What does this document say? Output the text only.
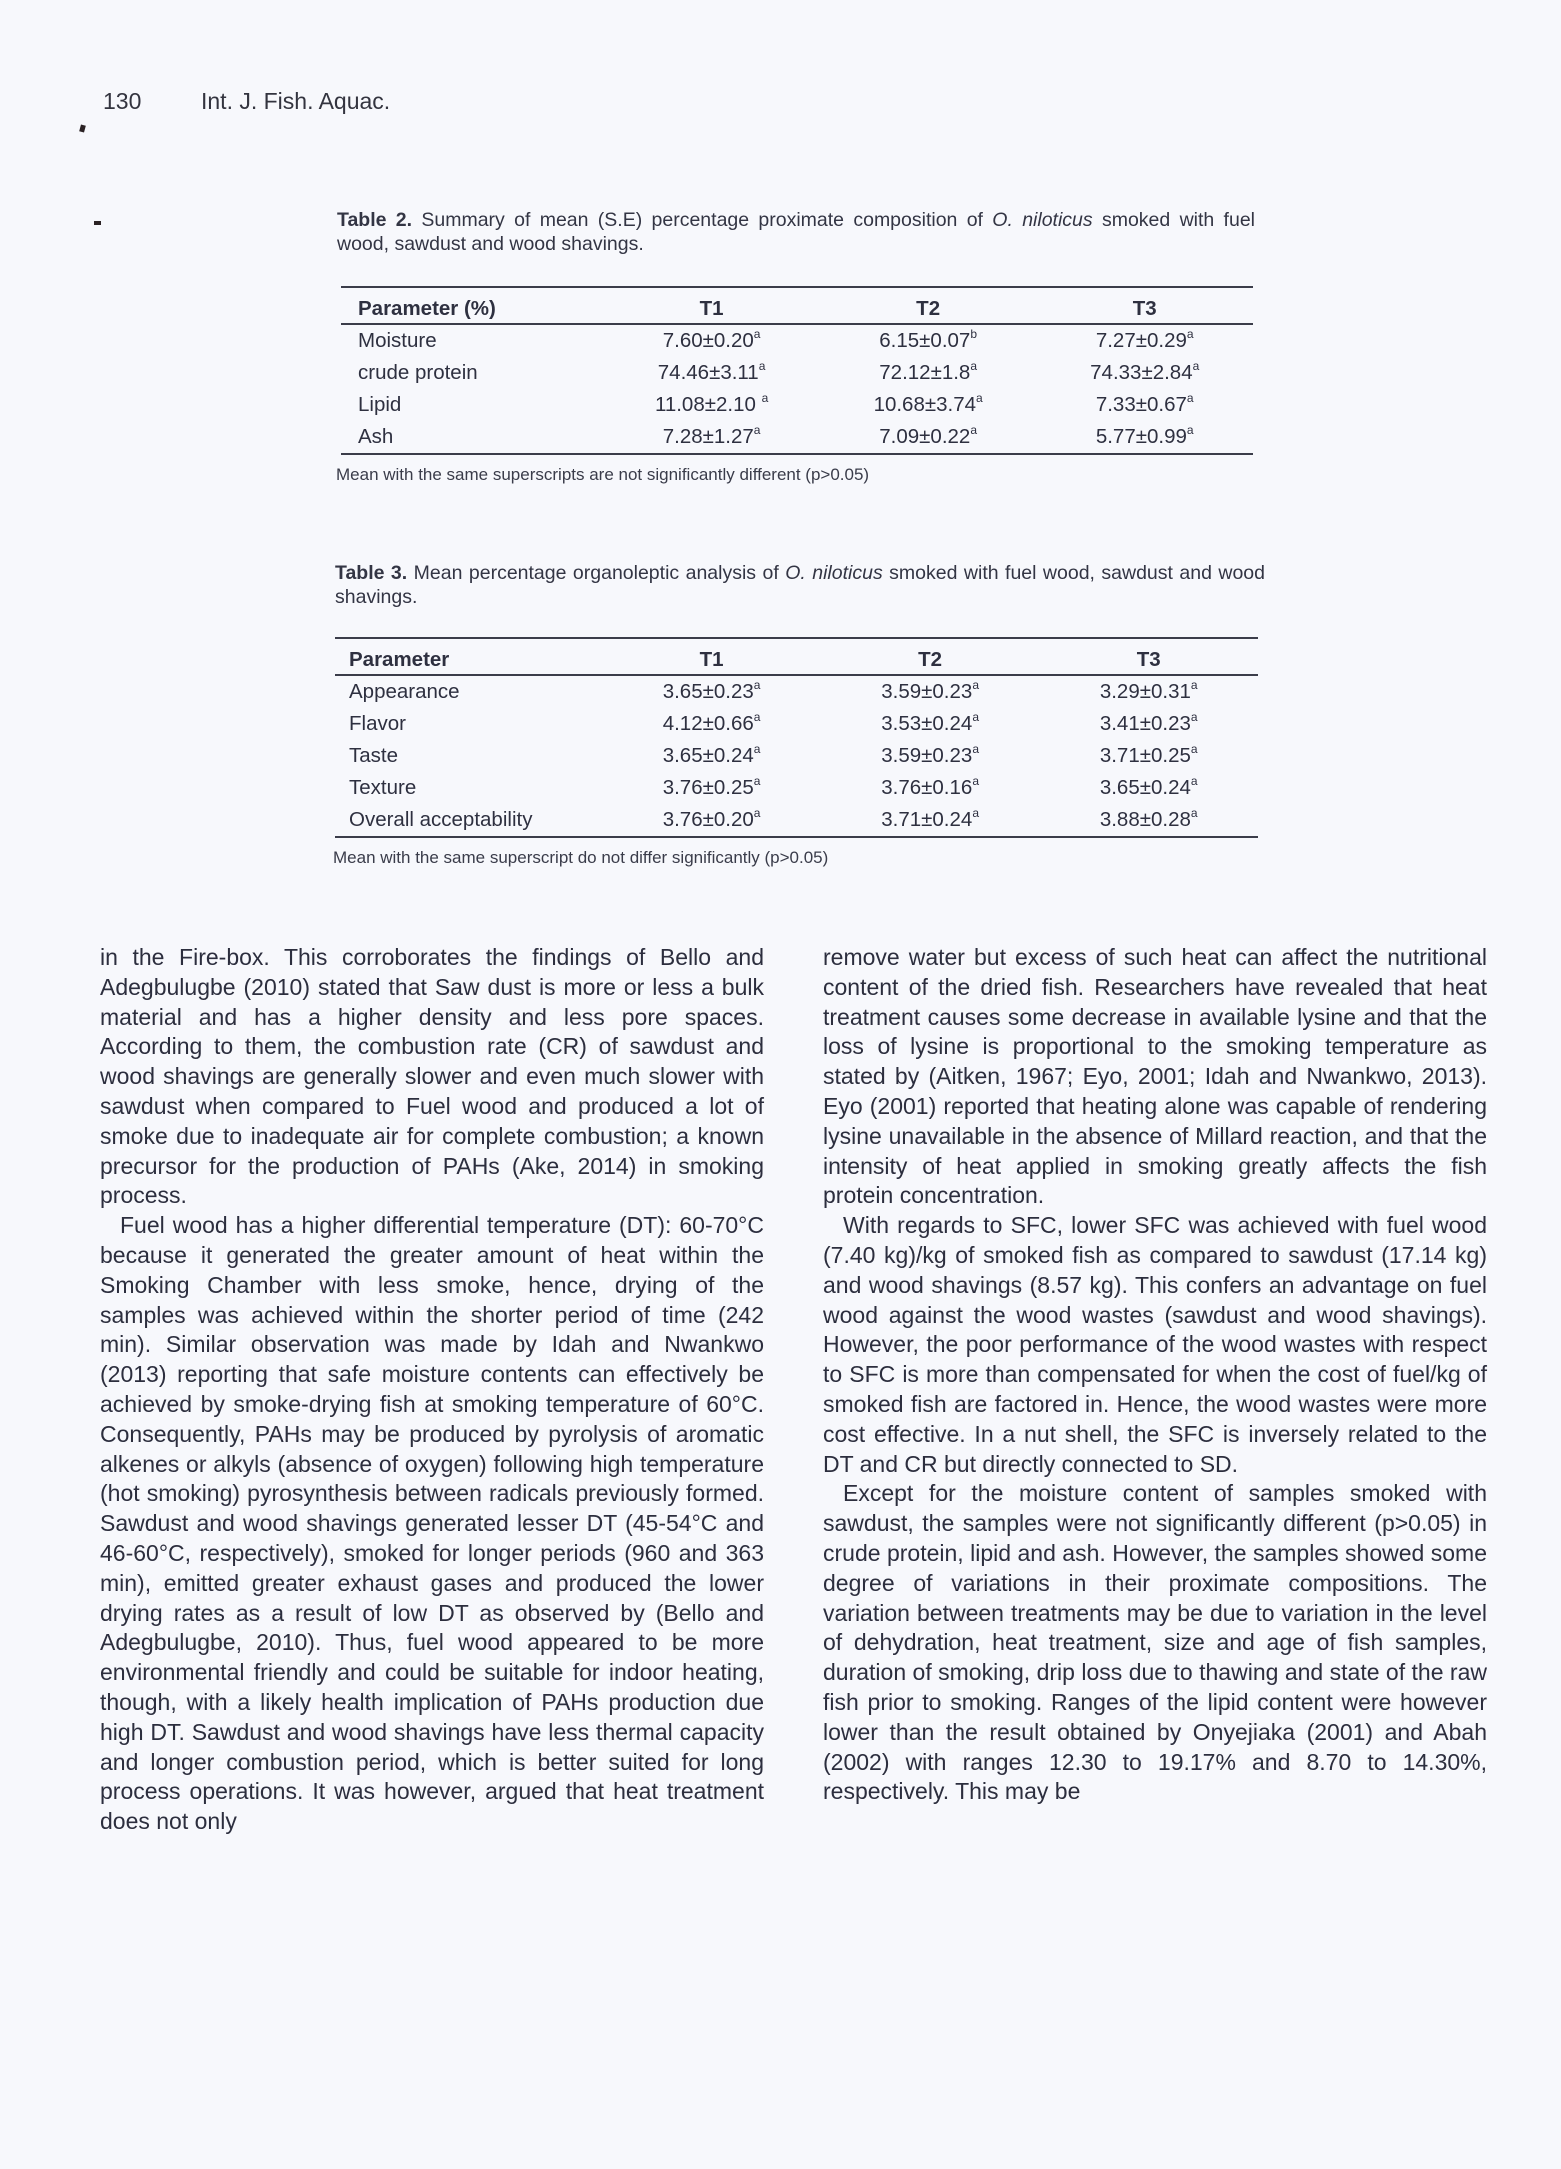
130	Int. J. Fish. Aquac.
Table 2. Summary of mean (S.E) percentage proximate composition of O. niloticus smoked with fuel wood, sawdust and wood shavings.
Parameter (%)	T1	T2	T3
Moisture	7.60±0.20$^a$	6.15±0.07$^b$	7.27±0.29$^a$
crude protein	74.46±3.11$^a$	72.12±1.8$^a$	74.33±2.84$^a$
Lipid	11.08±2.10 $^a$	10.68±3.74$^a$	7.33±0.67$^a$
Ash	7.28±1.27$^a$	7.09±0.22$^a$	5.77±0.99$^a$
Mean with the same superscripts are not significantly different (p>0.05)
Table 3. Mean percentage organoleptic analysis of O. niloticus smoked with fuel wood, sawdust and wood shavings.
Parameter	T1	T2	T3
Appearance	3.65±0.23$^a$	3.59±0.23$^a$	3.29±0.31$^a$
Flavor	4.12±0.66$^a$	3.53±0.24$^a$	3.41±0.23$^a$
Taste	3.65±0.24$^a$	3.59±0.23$^a$	3.71±0.25$^a$
Texture	3.76±0.25$^a$	3.76±0.16$^a$	3.65±0.24$^a$
Overall acceptability	3.76±0.20$^a$	3.71±0.24$^a$	3.88±0.28$^a$
Mean with the same superscript do not differ significantly (p>0.05)

in the Fire-box. This corroborates the findings of Bello and Adegbulugbe (2010) stated that Saw dust is more or less a bulk material and has a higher density and less pore spaces. According to them, the combustion rate (CR) of sawdust and wood shavings are generally slower and even much slower with sawdust when compared to Fuel wood and produced a lot of smoke due to inadequate air for complete combustion; a known precursor for the production of PAHs (Ake, 2014) in smoking process.

Fuel wood has a higher differential temperature (DT): 60-70°C because it generated the greater amount of heat within the Smoking Chamber with less smoke, hence, drying of the samples was achieved within the shorter period of time (242 min). Similar observation was made by Idah and Nwankwo (2013) reporting that safe moisture contents can effectively be achieved by smoke-drying fish at smoking temperature of 60°C. Consequently, PAHs may be produced by pyrolysis of aromatic alkenes or alkyls (absence of oxygen) following high temperature (hot smoking) pyrosynthesis between radicals previously formed. Sawdust and wood shavings generated lesser DT (45-54°C and 46-60°C, respectively), smoked for longer periods (960 and 363 min), emitted greater exhaust gases and produced the lower drying rates as a result of low DT as observed by (Bello and Adegbulugbe, 2010). Thus, fuel wood appeared to be more environmental friendly and could be suitable for indoor heating, though, with a likely health implication of PAHs production due high DT. Sawdust and wood shavings have less thermal capacity and longer combustion period, which is better suited for long process operations. It was however, argued that heat treatment does not only

remove water but excess of such heat can affect the nutritional content of the dried fish. Researchers have revealed that heat treatment causes some decrease in available lysine and that the loss of lysine is proportional to the smoking temperature as stated by (Aitken, 1967; Eyo, 2001; Idah and Nwankwo, 2013). Eyo (2001) reported that heating alone was capable of rendering lysine unavailable in the absence of Millard reaction, and that the intensity of heat applied in smoking greatly affects the fish protein concentration.

With regards to SFC, lower SFC was achieved with fuel wood (7.40 kg)/kg of smoked fish as compared to sawdust (17.14 kg) and wood shavings (8.57 kg). This confers an advantage on fuel wood against the wood wastes (sawdust and wood shavings). However, the poor performance of the wood wastes with respect to SFC is more than compensated for when the cost of fuel/kg of smoked fish are factored in. Hence, the wood wastes were more cost effective. In a nut shell, the SFC is inversely related to the DT and CR but directly connected to SD.

Except for the moisture content of samples smoked with sawdust, the samples were not significantly different (p>0.05) in crude protein, lipid and ash. However, the samples showed some degree of variations in their proximate compositions. The variation between treatments may be due to variation in the level of dehydration, heat treatment, size and age of fish samples, duration of smoking, drip loss due to thawing and state of the raw fish prior to smoking. Ranges of the lipid content were however lower than the result obtained by Onyejiaka (2001) and Abah (2002) with ranges 12.30 to 19.17% and 8.70 to 14.30%, respectively. This may be
